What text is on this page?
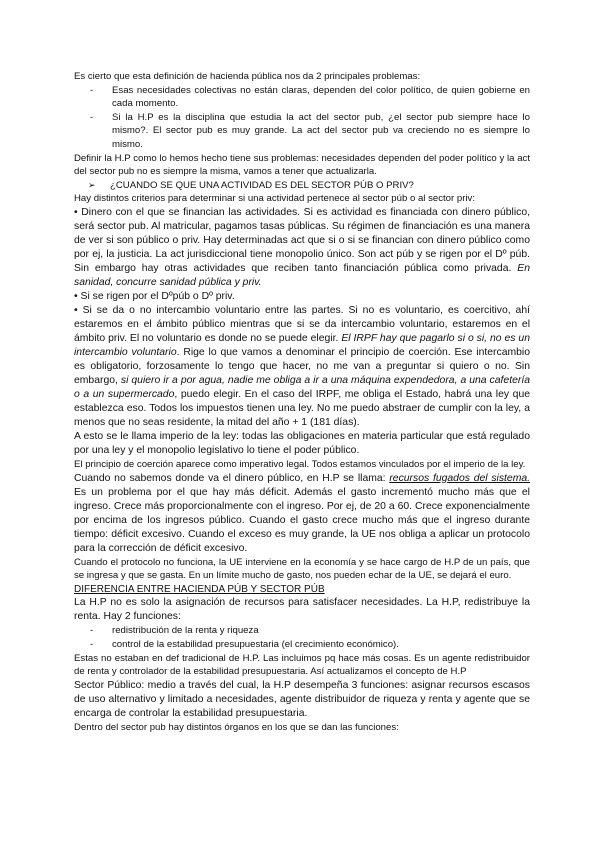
Es cierto que esta definición de hacienda pública nos da 2 principales problemas:

- Esas necesidades colectivas no están claras, dependen del color político, de quien gobierne en cada momento.
- Si la H.P es la disciplina que estudia la act del sector pub, ¿el sector pub siempre hace lo mismo?. El sector pub es muy grande. La act del sector pub va creciendo no es siempre lo mismo.

Definir la H.P como lo hemos hecho tiene sus problemas: necesidades dependen del poder político y la act del sector pub no es siempre la misma, vamos a tener que actualizarla.

➢ ¿CUANDO SE QUE UNA ACTIVIDAD ES DEL SECTOR PÚB O PRIV?

Hay distintos criterios para determinar si una actividad pertenece al sector púb o al sector priv:

• Dinero con el que se financian las actividades. Si es actividad es financiada con dinero público, será sector pub. Al matricular, pagamos tasas públicas. Su régimen de financiación es una manera de ver si son público o priv. Hay determinadas act que si o si se financian con dinero público como por ej, la justicia. La act jurisdiccional tiene monopolio único. Son act púb y se rigen por el Dº púb. Sin embargo hay otras actividades que reciben tanto financiación pública como privada. En sanidad, concurre sanidad pública y priv.

• Si se rigen por el Dºpúb o Dº priv.

• Si se da o no intercambio voluntario entre las partes. Si no es voluntario, es coercitivo, ahí estaremos en el ámbito público mientras que si se da intercambio voluntario, estaremos en el ámbito priv. El no voluntario es donde no se puede elegir. El IRPF hay que pagarlo si o si, no es un intercambio voluntario. Rige lo que vamos a denominar el principio de coerción. Ese intercambio es obligatorio, forzosamente lo tengo que hacer, no me van a preguntar si quiero o no. Sin embargo, si quiero ir a por agua, nadie me obliga a ir a una máquina expendedora, a una cafetería o a un supermercado, puedo elegir. En el caso del IRPF, me obliga el Estado, habrá una ley que establezca eso. Todos los impuestos tienen una ley. No me puedo abstraer de cumplir con la ley, a menos que no seas residente, la mitad del año + 1 (181 días).

A esto se le llama imperio de la ley: todas las obligaciones en materia particular que está regulado por una ley y el monopolio legislativo lo tiene el poder público.

El principio de coerción aparece como imperativo legal. Todos estamos vinculados por el imperio de la ley.

Cuando no sabemos donde va el dinero público, en H.P se llama: recursos fugados del sistema. Es un problema por el que hay más déficit. Además el gasto incrementó mucho más que el ingreso. Crece más proporcionalmente con el ingreso. Por ej, de 20 a 60. Crece exponencialmente por encima de los ingresos público. Cuando el gasto crece mucho más que el ingreso durante tiempo: déficit excesivo. Cuando el exceso es muy grande, la UE nos obliga a aplicar un protocolo para la corrección de déficit excesivo.

Cuando el protocolo no funciona, la UE interviene en la economía y se hace cargo de H.P de un país, que se ingresa y que se gasta. En un límite mucho de gasto, nos pueden echar de la UE, se dejará el euro.

DIFERENCIA ENTRE HACIENDA PÚB Y SECTOR PÚB

La H.P no es solo la asignación de recursos para satisfacer necesidades. La H.P, redistribuye la renta. Hay 2 funciones:

- redistribución de la renta y riqueza
- control de la estabilidad presupuestaria (el crecimiento económico).

Estas no estaban en def tradicional de H.P. Las incluimos pq hace más cosas. Es un agente redistribuidor de renta y controlador de la estabilidad presupuestaria. Así actualizamos el concepto de H.P

Sector Público: medio a través del cual, la H.P desempeña 3 funciones: asignar recursos escasos de uso alternativo y limitado a necesidades, agente distribuidor de riqueza y renta y agente que se encarga de controlar la estabilidad presupuestaria.

Dentro del sector pub hay distintos órganos en los que se dan las funciones:
